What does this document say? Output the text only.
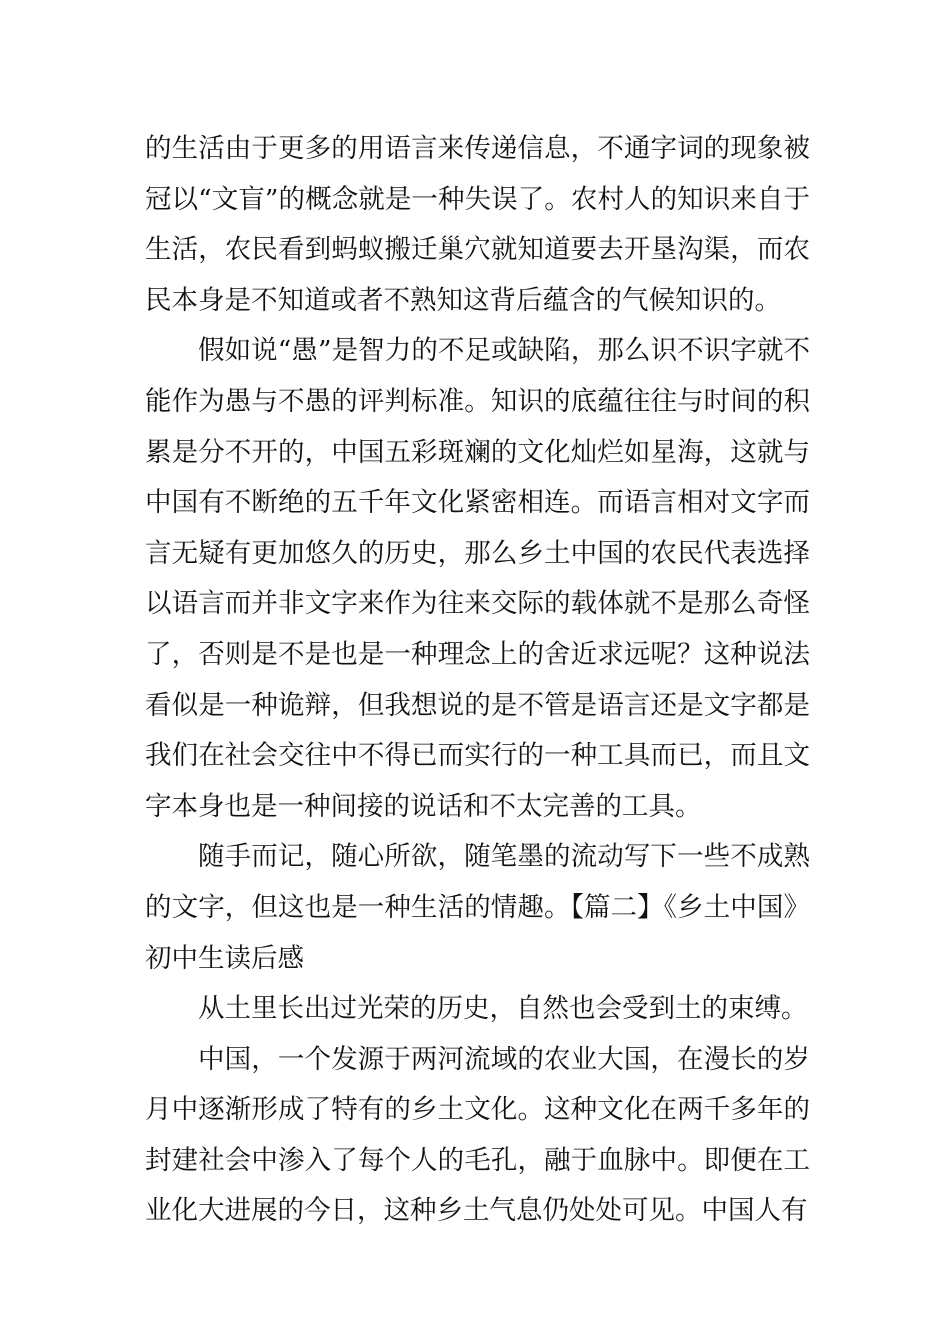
的生活由于更多的用语言来传递信息，不通字词的现象被冠以“文盲”的概念就是一种失误了。农村人的知识来自于生活，农民看到蚂蚁搬迁巢穴就知道要去开垦沟渠，而农民本身是不知道或者不熟知这背后蕴含的气候知识的。

假如说“愚”是智力的不足或缺陷，那么识不识字就不能作为愚与不愚的评判标准。知识的底蕴往往与时间的积累是分不开的，中国五彩斑斓的文化灿烂如星海，这就与中国有不断绝的五千年文化紧密相连。而语言相对文字而言无疑有更加悠久的历史，那么乡土中国的农民代表选择以语言而并非文字来作为往来交际的载体就不是那么奇怪了，否则是不是也是一种理念上的舍近求远呢？这种说法看似是一种诡辩，但我想说的是不管是语言还是文字都是我们在社会交往中不得已而实行的一种工具而已，而且文字本身也是一种间接的说话和不太完善的工具。

随手而记，随心所欲，随笔墨的流动写下一些不成熟的文字，但这也是一种生活的情趣。【篇二】《乡土中国》初中生读后感

从土里长出过光荣的历史，自然也会受到土的束缚。

中国，一个发源于两河流域的农业大国，在漫长的岁月中逐渐形成了特有的乡土文化。这种文化在两千多年的封建社会中渗入了每个人的毛孔，融于血脉中。即便在工业化大进展的今日，这种乡土气息仍处处可见。中国人有
